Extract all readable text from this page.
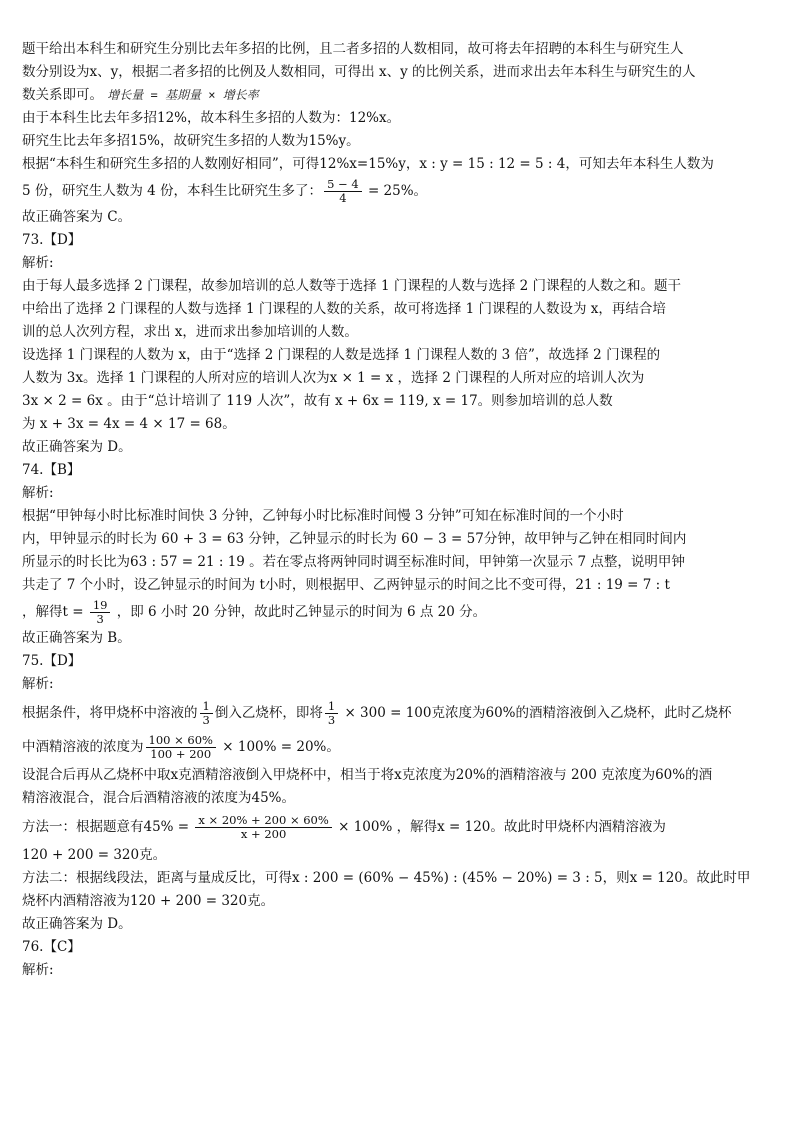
题干给出本科生和研究生分别比去年多招的比例，且二者多招的人数相同，故可将去年招聘的本科生与研究生人
数分别设为x、y，根据二者多招的比例及人数相同，可得出 x、y 的比例关系，进而求出去年本科生与研究生的人
数关系即可。 增长量 = 基期量 × 增长率
由于本科生比去年多招12%，故本科生多招的人数为：12%x。
研究生比去年多招15%，故研究生多招的人数为15%y。
根据“本科生和研究生多招的人数刚好相同”，可得12%x=15%y，x : y = 15 : 12 = 5 : 4，可知去年本科生人数为
5 份，研究生人数为 4 份，本科生比研究生多了： $\frac{5 - 4}{4} = 25\%$。
故正确答案为 C。
73.【D】
解析:
由于每人最多选择 2 门课程，故参加培训的总人数等于选择 1 门课程的人数与选择 2 门课程的人数之和。题干
中给出了选择 2 门课程的人数与选择 1 门课程的人数的关系，故可将选择 1 门课程的人数设为 x，再结合培
训的总人次列方程，求出 x，进而求出参加培训的人数。
设选择 1 门课程的人数为 x，由于“选择 2 门课程的人数是选择 1 门课程人数的 3 倍”，故选择 2 门课程的
人数为 3x。选择 1 门课程的人所对应的培训人次为x × 1 = x ，选择 2 门课程的人所对应的培训人次为
3x × 2 = 6x 。由于“总计培训了 119 人次”，故有 x + 6x = 119, x = 17。则参加培训的总人数
为 x + 3x = 4x = 4 × 17 = 68。
故正确答案为 D。
74.【B】
解析:
根据“甲钟每小时比标准时间快 3 分钟，乙钟每小时比标准时间慢 3 分钟”可知在标准时间的一个小时
内，甲钟显示的时长为 60 + 3 = 63 分钟，乙钟显示的时长为 60 − 3 = 57分钟，故甲钟与乙钟在相同时间内
所显示的时长比为63 : 57 = 21 : 19 。若在零点将两钟同时调至标准时间，甲钟第一次显示 7 点整，说明甲钟
共走了 7 个小时，设乙钟显示的时间为 t小时，则根据甲、乙两钟显示的时间之比不变可得，21 : 19 = 7 : t
，解得$t = \frac{19}{3}$ ，即 6 小时 20 分钟，故此时乙钟显示的时间为 6 点 20 分。
故正确答案为 B。
75.【D】
解析:
根据条件，将甲烧杯中溶液的 $\frac{1}{3}$ 倒入乙烧杯，即将 $\frac{1}{3} \times 300 = 100$克浓度为60%的酒精溶液倒入乙烧杯，此时乙烧杯
中酒精溶液的浓度为 $\frac{100 \times 60\%}{100 + 200} \times 100\% = 20\%$。
设混合后再从乙烧杯中取x克酒精溶液倒入甲烧杯中，相当于将x克浓度为20%的酒精溶液与 200 克浓度为60%的酒
精溶液混合，混合后酒精溶液的浓度为45%。
方法一：根据题意有$45\% = \frac{x \times 20\% + 200 \times 60\%}{x + 200} \times 100\%$ ，解得x = 120。故此时甲烧杯内酒精溶液为
120 + 200 = 320克。
方法二：根据线段法，距离与量成反比，可得x : 200 = (60% − 45%) : (45% − 20%) = 3 : 5，则x = 120。故此时甲
烧杯内酒精溶液为120 + 200 = 320克。
故正确答案为 D。
76.【C】
解析:
